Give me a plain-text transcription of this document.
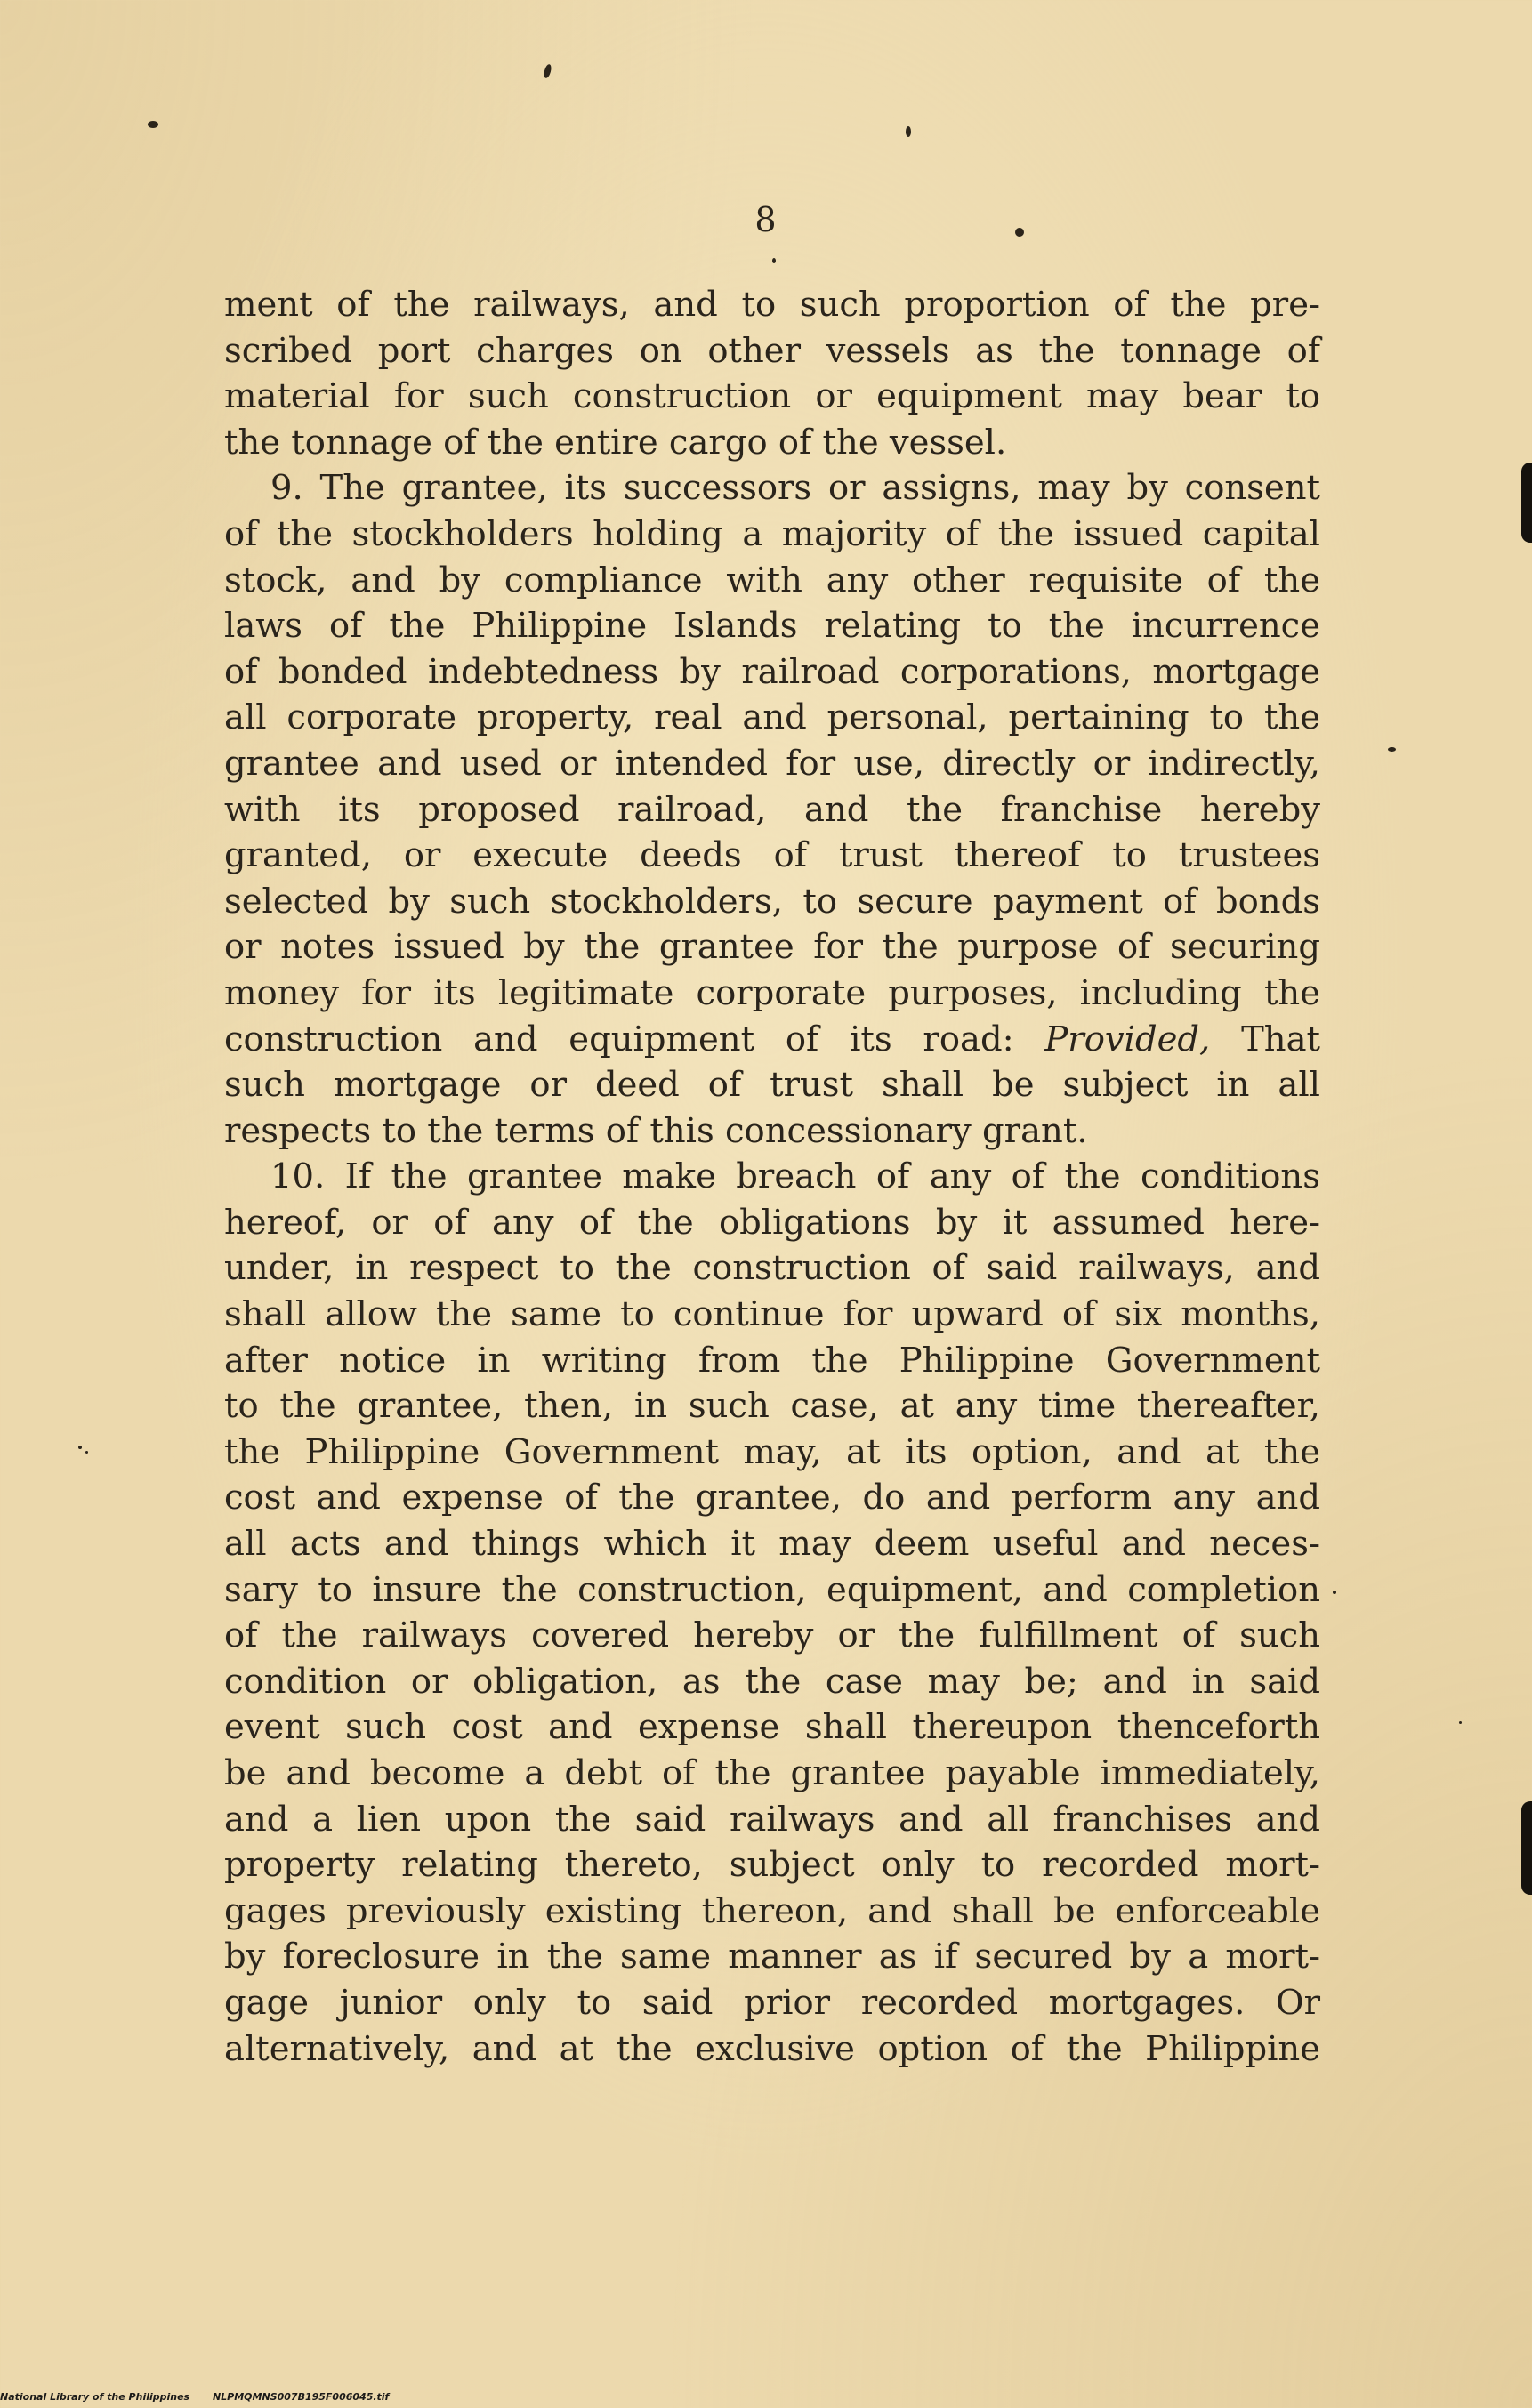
8
ment of the railways, and to such proportion of the pre-
scribed port charges on other vessels as the tonnage of
material for such construction or equipment may bear to
the tonnage of the entire cargo of the vessel.
9. The grantee, its successors or assigns, may by consent
of the stockholders holding a majority of the issued capital
stock, and by compliance with any other requisite of the
laws of the Philippine Islands relating to the incurrence
of bonded indebtedness by railroad corporations, mortgage
all corporate property, real and personal, pertaining to the
grantee and used or intended for use, directly or indirectly,
with its proposed railroad, and the franchise hereby
granted, or execute deeds of trust thereof to trustees
selected by such stockholders, to secure payment of bonds
or notes issued by the grantee for the purpose of securing
money for its legitimate corporate purposes, including the
construction and equipment of its road: Provided, That
such mortgage or deed of trust shall be subject in all
respects to the terms of this concessionary grant.
10. If the grantee make breach of any of the conditions
hereof, or of any of the obligations by it assumed here-
under, in respect to the construction of said railways, and
shall allow the same to continue for upward of six months,
after notice in writing from the Philippine Government
to the grantee, then, in such case, at any time thereafter,
the Philippine Government may, at its option, and at the
cost and expense of the grantee, do and perform any and
all acts and things which it may deem useful and neces-
sary to insure the construction, equipment, and completion
of the railways covered hereby or the fulfillment of such
condition or obligation, as the case may be; and in said
event such cost and expense shall thereupon thenceforth
be and become a debt of the grantee payable immediately,
and a lien upon the said railways and all franchises and
property relating thereto, subject only to recorded mort-
gages previously existing thereon, and shall be enforceable
by foreclosure in the same manner as if secured by a mort-
gage junior only to said prior recorded mortgages. Or
alternatively, and at the exclusive option of the Philippine
National Library of the Philippines NLPMQMNS007B195F006045.tif
